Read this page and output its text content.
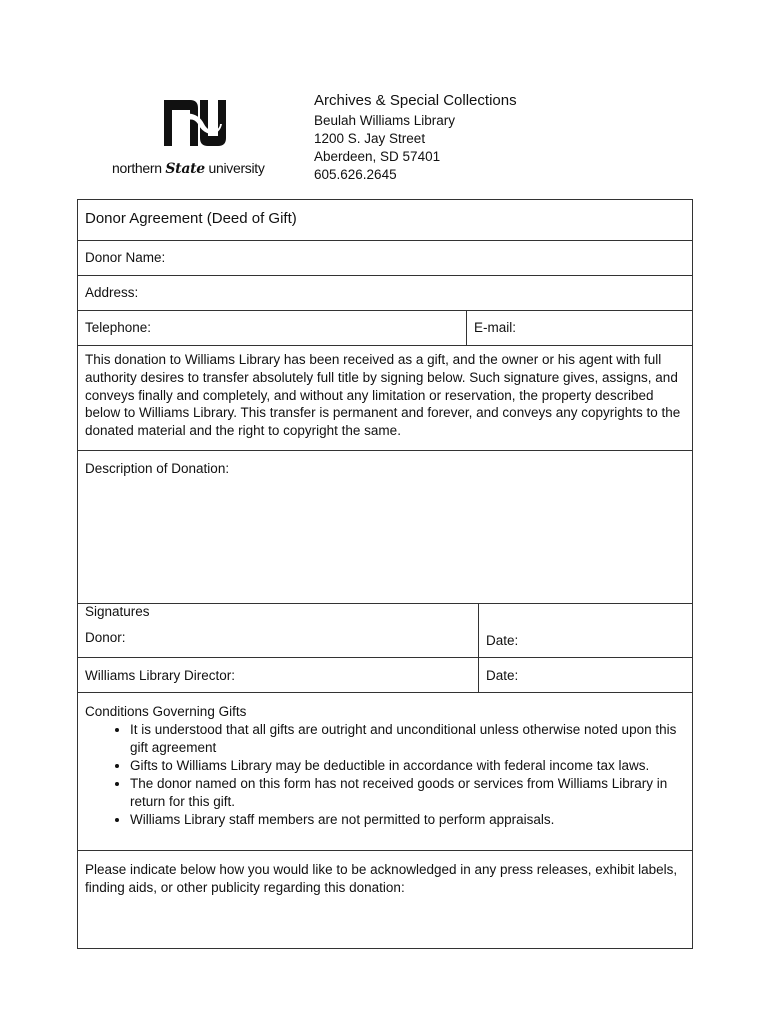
northern State university
Archives & Special Collections
Beulah Williams Library
1200 S. Jay Street
Aberdeen, SD 57401
605.626.2645
Donor Agreement (Deed of Gift)
Donor Name:
Address:
Telephone:	E-mail:

This donation to Williams Library has been received as a gift, and the owner or his agent with full authority desires to transfer absolutely full title by signing below. Such signature gives, assigns, and conveys finally and completely, and without any limitation or reservation, the property described below to Williams Library. This transfer is permanent and forever, and conveys any copyrights to the donated material and the right to copyright the same.

Description of Donation:
Signatures
Donor:	Date:
Williams Library Director:	Date:
Conditions Governing Gifts
• It is understood that all gifts are outright and unconditional unless otherwise noted upon this gift agreement
• Gifts to Williams Library may be deductible in accordance with federal income tax laws.
• The donor named on this form has not received goods or services from Williams Library in return for this gift.
• Williams Library staff members are not permitted to perform appraisals.

Please indicate below how you would like to be acknowledged in any press releases, exhibit labels, finding aids, or other publicity regarding this donation:
